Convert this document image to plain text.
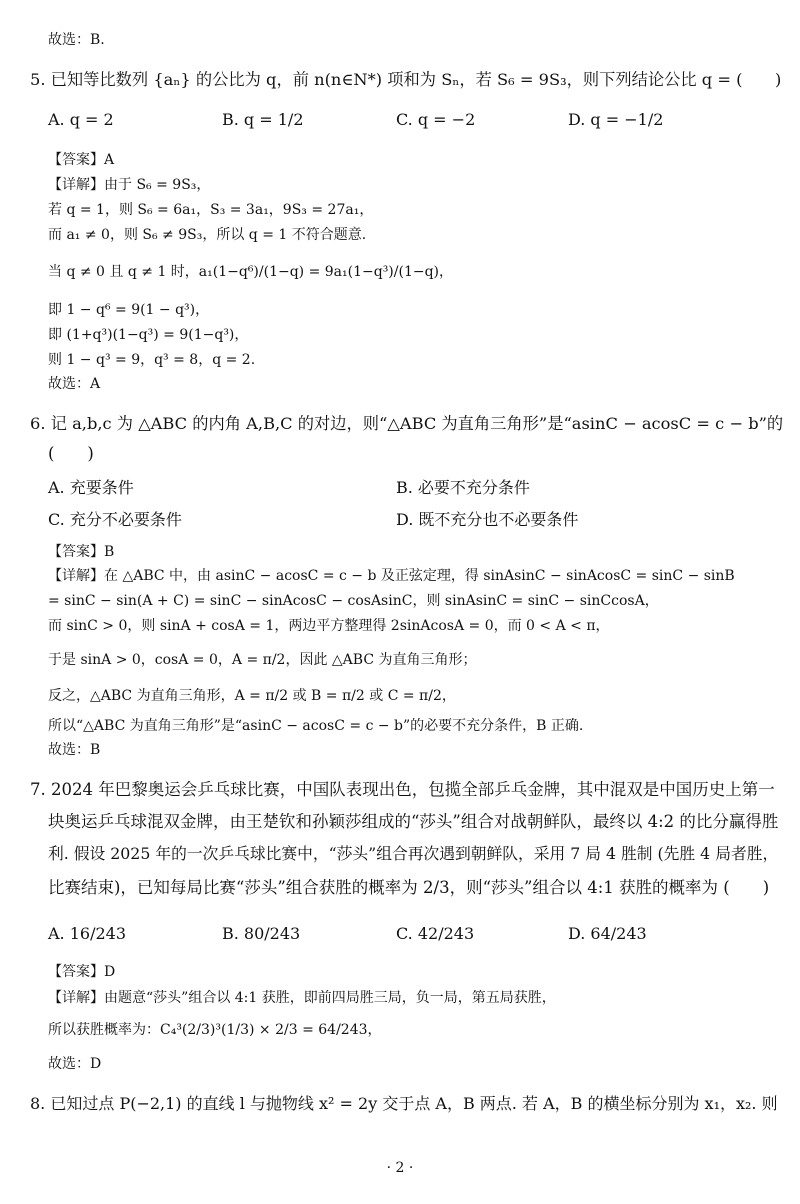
故选：B.
5. 已知等比数列 {aₙ} 的公比为 q，前 n(n∈N*) 项和为 Sₙ，若 S₆ = 9S₃，则下列结论公比 q = (　　)
A. q = 2	B. q = 1/2	C. q = −2	D. q = −1/2
【答案】A
【详解】由于 S₆ = 9S₃，
若 q = 1，则 S₆ = 6a₁，S₃ = 3a₁，9S₃ = 27a₁，
而 a₁ ≠ 0，则 S₆ ≠ 9S₃，所以 q = 1 不符合题意.
当 q ≠ 0 且 q ≠ 1 时，a₁(1−q⁶)/(1−q) = 9a₁(1−q³)/(1−q)，
即 1 − q⁶ = 9(1 − q³)，
即 (1+q³)(1−q³) = 9(1−q³)，
则 1 − q³ = 9，q³ = 8，q = 2.
故选：A
6. 记 a,b,c 为 △ABC 的内角 A,B,C 的对边，则“△ABC 为直角三角形”是“asinC − acosC = c − b”的
(　　)
A. 充要条件	B. 必要不充分条件
C. 充分不必要条件	D. 既不充分也不必要条件
【答案】B
【详解】在 △ABC 中，由 asinC − acosC = c − b 及正弦定理，得 sinAsinC − sinAcosC = sinC − sinB
= sinC − sin(A + C) = sinC − sinAcosC − cosAsinC，则 sinAsinC = sinC − sinCcosA，
而 sinC > 0，则 sinA + cosA = 1，两边平方整理得 2sinAcosA = 0，而 0 < A < π，
于是 sinA > 0，cosA = 0，A = π/2，因此 △ABC 为直角三角形；
反之，△ABC 为直角三角形，A = π/2 或 B = π/2 或 C = π/2，
所以“△ABC 为直角三角形”是“asinC − acosC = c − b”的必要不充分条件，B 正确.
故选：B
7. 2024 年巴黎奥运会乒乓球比赛，中国队表现出色，包揽全部乒乓金牌，其中混双是中国历史上第一
块奥运乒乓球混双金牌，由王楚钦和孙颖莎组成的“莎头”组合对战朝鲜队，最终以 4:2 的比分赢得胜
利. 假设 2025 年的一次乒乓球比赛中，“莎头”组合再次遇到朝鲜队，采用 7 局 4 胜制 (先胜 4 局者胜，
比赛结束)，已知每局比赛“莎头”组合获胜的概率为 2/3，则“莎头”组合以 4:1 获胜的概率为 (　　)
A. 16/243	B. 80/243	C. 42/243	D. 64/243
【答案】D
【详解】由题意“莎头”组合以 4:1 获胜，即前四局胜三局，负一局，第五局获胜，
所以获胜概率为：C₄³(2/3)³(1/3) × 2/3 = 64/243，
故选：D
8. 已知过点 P(−2,1) 的直线 l 与抛物线 x² = 2y 交于点 A，B 两点. 若 A，B 的横坐标分别为 x₁，x₂. 则
· 2 ·
